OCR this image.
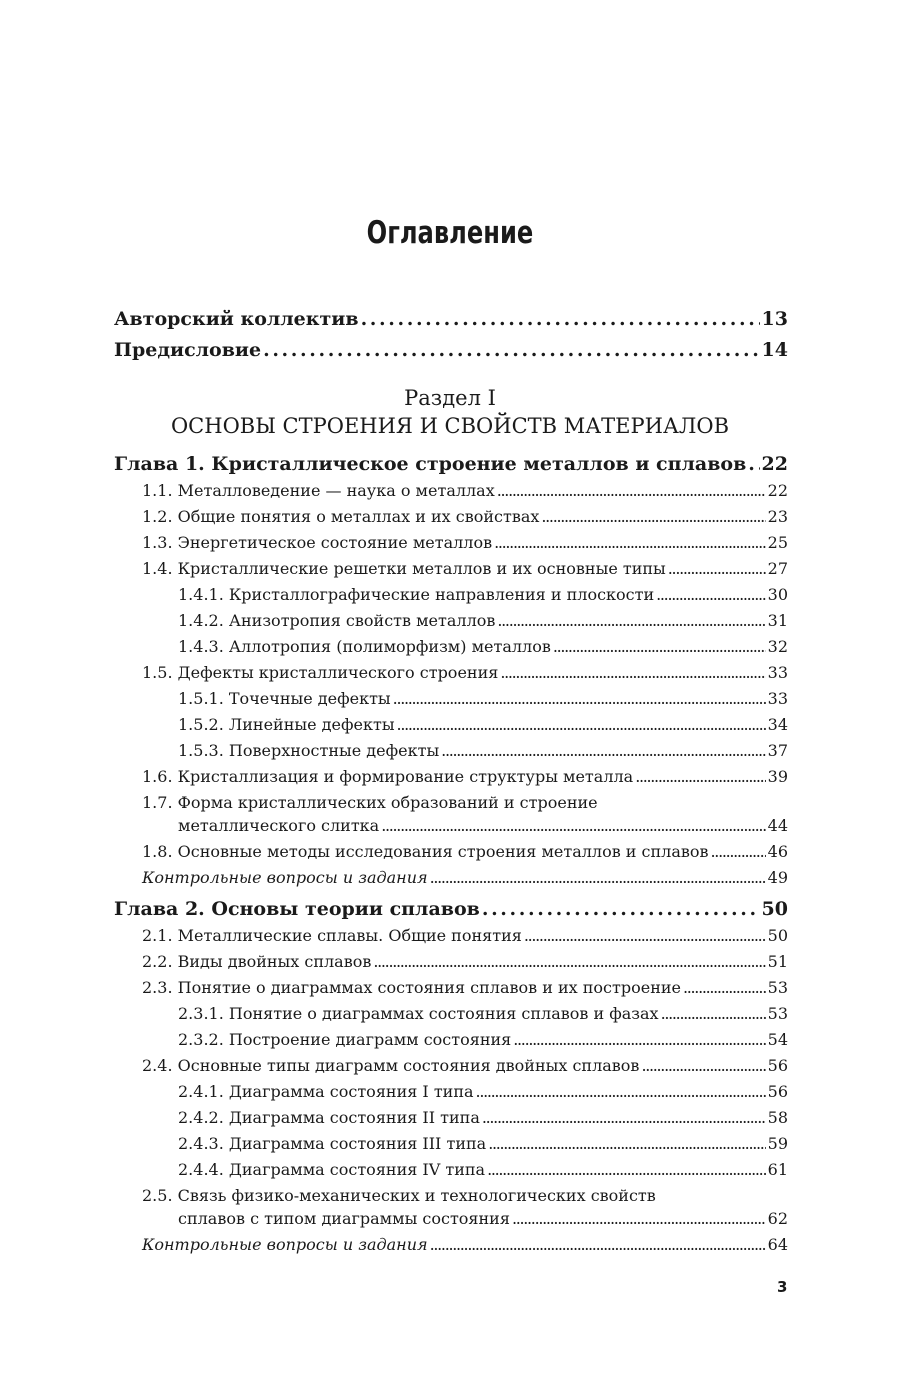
Оглавление
Авторский коллектив . . .	13
Предисловие . . .	14
Раздел I
ОСНОВЫ СТРОЕНИЯ И СВОЙСТВ МАТЕРИАЛОВ
Глава 1. Кристаллическое строение металлов и сплавов . . . 22
1.1. Металловедение — наука о металлах . . .	22
1.2. Общие понятия о металлах и их свойствах . . .	23
1.3. Энергетическое состояние металлов . . .	25
1.4. Кристаллические решетки металлов и их основные типы . . .	27
1.4.1. Кристаллографические направления и плоскости . . .	30
1.4.2. Анизотропия свойств металлов . . .	31
1.4.3. Аллотропия (полиморфизм) металлов . . .	32
1.5. Дефекты кристаллического строения . . .	33
1.5.1. Точечные дефекты . . .	33
1.5.2. Линейные дефекты . . .	34
1.5.3. Поверхностные дефекты . . .	37
1.6. Кристаллизация и формирование структуры металла . . .	39
1.7. Форма кристаллических образований и строение
металлического слитка . . .	44
1.8. Основные методы исследования строения металлов и сплавов . . .	46
Контрольные вопросы и задания . . .	49
Глава 2. Основы теории сплавов . . .	50
2.1. Металлические сплавы. Общие понятия . . .	50
2.2. Виды двойных сплавов . . .	51
2.3. Понятие о диаграммах состояния сплавов и их построение . . .	53
2.3.1. Понятие о диаграммах состояния сплавов и фазах . . .	53
2.3.2. Построение диаграмм состояния . . .	54
2.4. Основные типы диаграмм состояния двойных сплавов . . .	56
2.4.1. Диаграмма состояния I типа . . .	56
2.4.2. Диаграмма состояния II типа . . .	58
2.4.3. Диаграмма состояния III типа . . .	59
2.4.4. Диаграмма состояния IV типа . . .	61
2.5. Связь физико-механических и технологических свойств
сплавов с типом диаграммы состояния . . .	62
Контрольные вопросы и задания . . .	64
3
